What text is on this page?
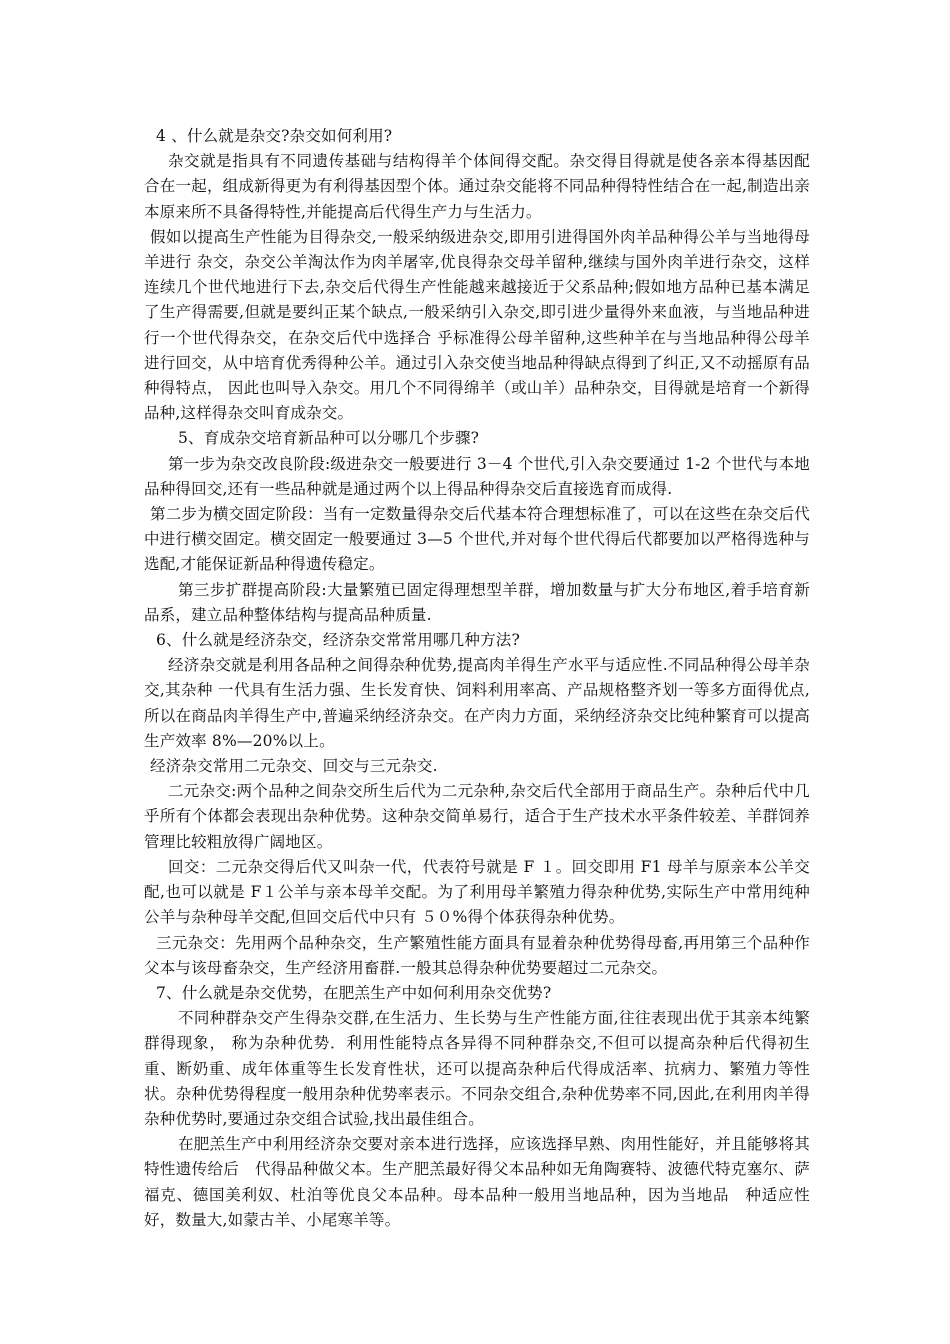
4 、什么就是杂交?杂交如何利用?

杂交就是指具有不同遗传基础与结构得羊个体间得交配。杂交得目得就是使各亲本得基因配合在一起，组成新得更为有利得基因型个体。通过杂交能将不同品种得特性结合在一起,制造出亲本原来所不具备得特性,并能提高后代得生产力与生活力。

假如以提高生产性能为目得杂交,一般采纳级进杂交,即用引进得国外肉羊品种得公羊与当地得母羊进行 杂交，杂交公羊淘汰作为肉羊屠宰,优良得杂交母羊留种,继续与国外肉羊进行杂交，这样连续几个世代地进行下去,杂交后代得生产性能越来越接近于父系品种;假如地方品种已基本满足了生产得需要,但就是要纠正某个缺点,一般采纳引入杂交,即引进少量得外来血液，与当地品种进行一个世代得杂交，在杂交后代中选择合 乎标准得公母羊留种,这些种羊在与当地品种得公母羊进行回交，从中培育优秀得种公羊。通过引入杂交使当地品种得缺点得到了纠正,又不动摇原有品种得特点， 因此也叫导入杂交。用几个不同得绵羊（或山羊）品种杂交，目得就是培育一个新得品种,这样得杂交叫育成杂交。

5、育成杂交培育新品种可以分哪几个步骤?

第一步为杂交改良阶段:级进杂交一般要进行 3－4 个世代,引入杂交要通过 1-2 个世代与本地品种得回交,还有一些品种就是通过两个以上得品种得杂交后直接选育而成得.

第二步为横交固定阶段：当有一定数量得杂交后代基本符合理想标准了，可以在这些在杂交后代中进行横交固定。横交固定一般要通过 3—5 个世代,并对每个世代得后代都要加以严格得选种与选配,才能保证新品种得遗传稳定。

第三步扩群提高阶段:大量繁殖已固定得理想型羊群，增加数量与扩大分布地区,着手培育新品系，建立品种整体结构与提高品种质量.

6、什么就是经济杂交，经济杂交常常用哪几种方法?

经济杂交就是利用各品种之间得杂种优势,提高肉羊得生产水平与适应性.不同品种得公母羊杂交,其杂种 一代具有生活力强、生长发育快、饲料利用率高、产品规格整齐划一等多方面得优点,所以在商品肉羊得生产中,普遍采纳经济杂交。在产肉力方面，采纳经济杂交比纯种繁育可以提高生产效率 8%—20%以上。

经济杂交常用二元杂交、回交与三元杂交.

二元杂交:两个品种之间杂交所生后代为二元杂种,杂交后代全部用于商品生产。杂种后代中几乎所有个体都会表现出杂种优势。这种杂交简单易行，适合于生产技术水平条件较差、羊群饲养管理比较粗放得广阔地区。

回交：二元杂交得后代又叫杂一代，代表符号就是 F １。回交即用 F1 母羊与原亲本公羊交配,也可以就是 F１公羊与亲本母羊交配。为了利用母羊繁殖力得杂种优势,实际生产中常用纯种公羊与杂种母羊交配,但回交后代中只有 ５０%得个体获得杂种优势。

三元杂交：先用两个品种杂交，生产繁殖性能方面具有显着杂种优势得母畜,再用第三个品种作父本与该母畜杂交，生产经济用畜群.一般其总得杂种优势要超过二元杂交。

7、什么就是杂交优势，在肥羔生产中如何利用杂交优势?

不同种群杂交产生得杂交群,在生活力、生长势与生产性能方面,往往表现出优于其亲本纯繁群得现象， 称为杂种优势．利用性能特点各异得不同种群杂交,不但可以提高杂种后代得初生重、断奶重、成年体重等生长发育性状，还可以提高杂种后代得成活率、抗病力、繁殖力等性状。杂种优势得程度一般用杂种优势率表示。不同杂交组合,杂种优势率不同,因此,在利用肉羊得杂种优势时,要通过杂交组合试验,找出最佳组合。

在肥羔生产中利用经济杂交要对亲本进行选择，应该选择早熟、肉用性能好，并且能够将其特性遗传给后　代得品种做父本。生产肥羔最好得父本品种如无角陶赛特、波德代特克塞尔、萨福克、德国美利奴、杜泊等优良父本品种。母本品种一般用当地品种，因为当地品　种适应性好，数量大,如蒙古羊、小尾寒羊等。
